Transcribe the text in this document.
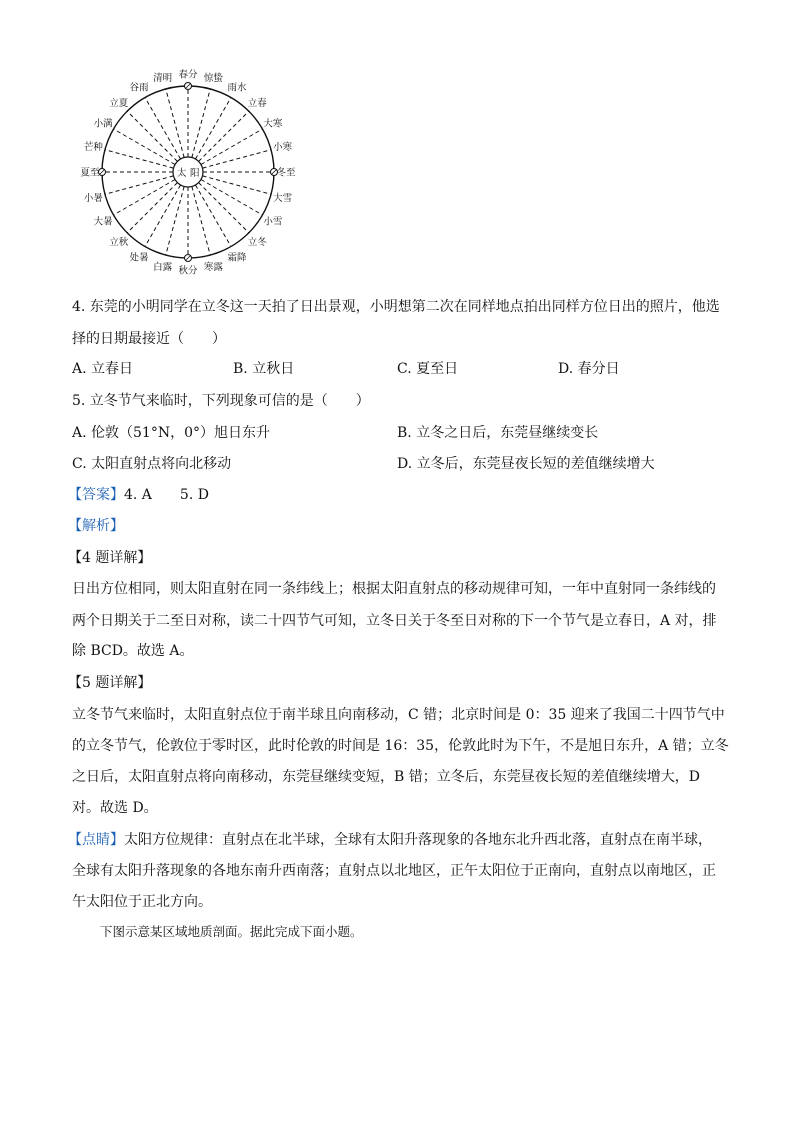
春分 惊蛰
雨水
立春
大寒
小寒
冬至
大雪
小雪
立冬
霜降
寒露
秋分
白露
处暑
立秋
大暑
小暑
夏至
芒种
小满
立夏
谷雨
清明
太 阳
4. 东莞的小明同学在立冬这一天拍了日出景观，小明想第二次在同样地点拍出同样方位日出的照片，他选
择的日期最接近（　　）
A. 立春日	B. 立秋日	C. 夏至日	D. 春分日
5. 立冬节气来临时，下列现象可信的是（　　）
A. 伦敦（51°N，0°）旭日东升	B. 立冬之日后，东莞昼继续变长
C. 太阳直射点将向北移动	D. 立冬后，东莞昼夜长短的差值继续增大
【答案】4. A　　5. D
【解析】
【4 题详解】
日出方位相同，则太阳直射在同一条纬线上；根据太阳直射点的移动规律可知，一年中直射同一条纬线的
两个日期关于二至日对称，读二十四节气可知，立冬日关于冬至日对称的下一个节气是立春日，A 对，排
除 BCD。故选 A。
【5 题详解】
立冬节气来临时，太阳直射点位于南半球且向南移动，C 错；北京时间是 0：35 迎来了我国二十四节气中
的立冬节气，伦敦位于零时区，此时伦敦的时间是 16：35，伦敦此时为下午，不是旭日东升，A 错；立冬
之日后，太阳直射点将向南移动，东莞昼继续变短，B 错；立冬后，东莞昼夜长短的差值继续增大，D
对。故选 D。
【点睛】太阳方位规律：直射点在北半球，全球有太阳升落现象的各地东北升西北落，直射点在南半球，
全球有太阳升落现象的各地东南升西南落；直射点以北地区，正午太阳位于正南向，直射点以南地区，正
午太阳位于正北方向。
下图示意某区域地质剖面。据此完成下面小题。
